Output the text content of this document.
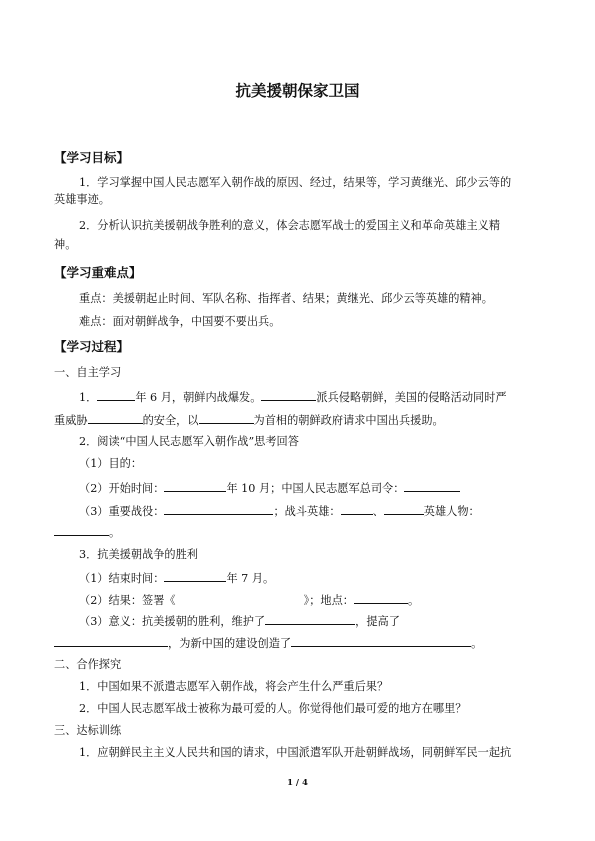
抗美援朝保家卫国
【学习目标】
1．学习掌握中国人民志愿军入朝作战的原因、经过，结果等，学习黄继光、邱少云等的
英雄事迹。
2．分析认识抗美援朝战争胜利的意义，体会志愿军战士的爱国主义和革命英雄主义精
神。
【学习重难点】
重点：美援朝起止时间、军队名称、指挥者、结果；黄继光、邱少云等英雄的精神。
难点：面对朝鲜战争，中国要不要出兵。
【学习过程】
一、自主学习
1．	年 6 月，朝鲜内战爆发。	派兵侵略朝鲜，美国的侵略活动同时严
重威胁	的安全，以	为首相的朝鲜政府请求中国出兵援助。
2．阅读“中国人民志愿军入朝作战”思考回答
（1）目的：
（2）开始时间：	年 10 月；中国人民志愿军总司令：
（3）重要战役：	；战斗英雄：	、	英雄人物：
。
3．抗美援朝战争的胜利
（1）结束时间：	年 7 月。
（2）结果：签署《	》；地点：	。
（3）意义：抗美援朝的胜利，维护了	，提高了
，为新中国的建设创造了	。
二、合作探究
1．中国如果不派遣志愿军入朝作战，将会产生什么严重后果？
2．中国人民志愿军战士被称为最可爱的人。你觉得他们最可爱的地方在哪里？
三、达标训练
1．应朝鲜民主主义人民共和国的请求，中国派遣军队开赴朝鲜战场，同朝鲜军民一起抗
1 / 4
